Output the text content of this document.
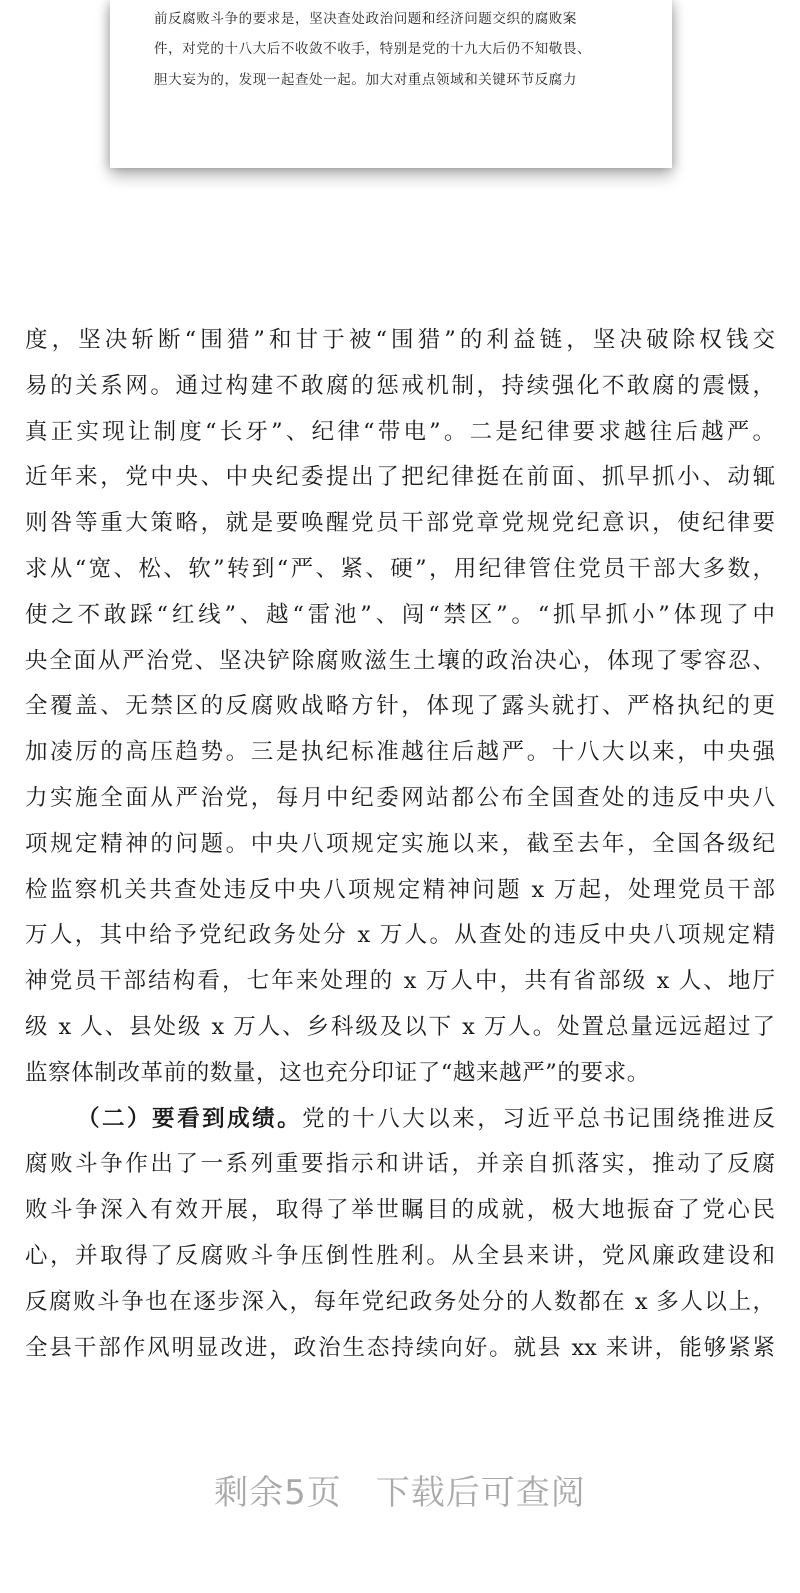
前反腐败斗争的要求是，坚决查处政治问题和经济问题交织的腐败案
件，对党的十八大后不收敛不收手，特别是党的十九大后仍不知敬畏、
胆大妄为的，发现一起查处一起。加大对重点领域和关键环节反腐力
度，坚决斩断“围猎”和甘于被“围猎”的利益链，坚决破除权钱交
易的关系网。通过构建不敢腐的惩戒机制，持续强化不敢腐的震慑，
真正实现让制度“长牙”、纪律“带电”。二是纪律要求越往后越严。
近年来，党中央、中央纪委提出了把纪律挺在前面、抓早抓小、动辄
则咎等重大策略，就是要唤醒党员干部党章党规党纪意识，使纪律要
求从“宽、松、软”转到“严、紧、硬”，用纪律管住党员干部大多数，
使之不敢踩“红线”、越“雷池”、闯“禁区”。“抓早抓小”体现了中
央全面从严治党、坚决铲除腐败滋生土壤的政治决心，体现了零容忍、
全覆盖、无禁区的反腐败战略方针，体现了露头就打、严格执纪的更
加凌厉的高压趋势。三是执纪标准越往后越严。十八大以来，中央强
力实施全面从严治党，每月中纪委网站都公布全国查处的违反中央八
项规定精神的问题。中央八项规定实施以来，截至去年，全国各级纪
检监察机关共查处违反中央八项规定精神问题 x 万起，处理党员干部
万人，其中给予党纪政务处分 x 万人。从查处的违反中央八项规定精
神党员干部结构看，七年来处理的 x 万人中，共有省部级 x 人、地厅
级 x 人、县处级 x 万人、乡科级及以下 x 万人。处置总量远远超过了
监察体制改革前的数量，这也充分印证了“越来越严”的要求。
（二）要看到成绩。党的十八大以来，习近平总书记围绕推进反
腐败斗争作出了一系列重要指示和讲话，并亲自抓落实，推动了反腐
败斗争深入有效开展，取得了举世瞩目的成就，极大地振奋了党心民
心，并取得了反腐败斗争压倒性胜利。从全县来讲，党风廉政建设和
反腐败斗争也在逐步深入，每年党纪政务处分的人数都在 x 多人以上，
全县干部作风明显改进，政治生态持续向好。就县 xx 来讲，能够紧紧
剩余5页 下载后可查阅
